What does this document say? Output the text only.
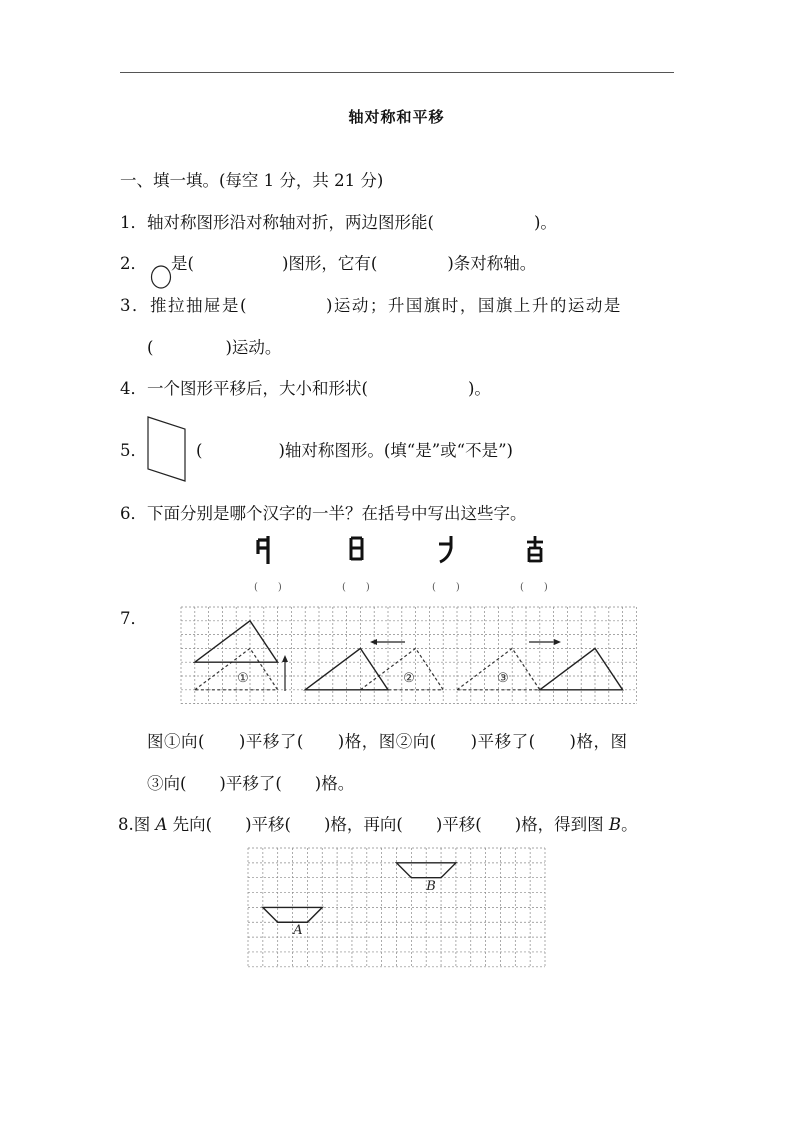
轴对称和平移
一、填一填。(每空 1 分，共 21 分)
1．轴对称图形沿对称轴对折，两边图形能(	)。
2． 是(	)图形，它有(	)条对称轴。
3．推拉抽屉是(	)运动；升国旗时，国旗上升的运动是
(	)运动。
4．一个图形平移后，大小和形状(	)。
5．	(	)轴对称图形。(填“是”或“不是”)
6．下面分别是哪个汉字的一半？在括号中写出这些字。
(　　)	(　　)	(　　)	(　　)
7．
①	②	③
图①向(　　)平移了(　　)格，图②向(　　)平移了(　　)格，图
③向(　　)平移了(　　)格。
8.图 A 先向(　　)平移(　　)格，再向(　　)平移(　　)格，得到图 B。
A
B
